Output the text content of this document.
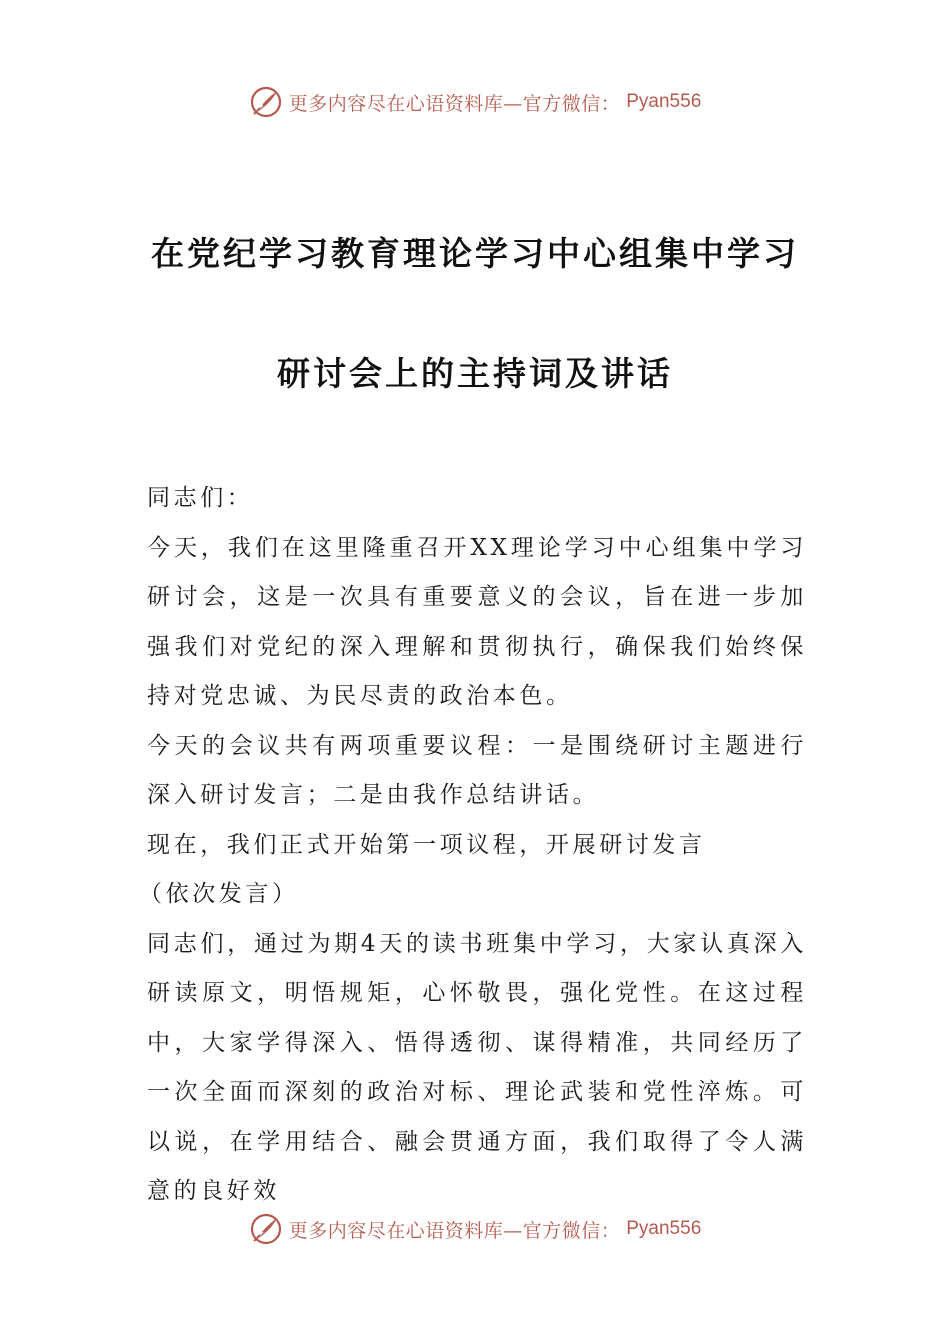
更多内容尽在心语资料库—官方微信： Pyan556
在党纪学习教育理论学习中心组集中学习
研讨会上的主持词及讲话

同志们：

今天，我们在这里隆重召开XX理论学习中心组集中学习研讨会，这是一次具有重要意义的会议，旨在进一步加强我们对党纪的深入理解和贯彻执行，确保我们始终保持对党忠诚、为民尽责的政治本色。

今天的会议共有两项重要议程：一是围绕研讨主题进行深入研讨发言；二是由我作总结讲话。

现在，我们正式开始第一项议程，开展研讨发言

（依次发言）

同志们，通过为期4天的读书班集中学习，大家认真深入研读原文，明悟规矩，心怀敬畏，强化党性。在这过程中，大家学得深入、悟得透彻、谋得精准，共同经历了一次全面而深刻的政治对标、理论武装和党性淬炼。可以说，在学用结合、融会贯通方面，我们取得了令人满意的良好效

更多内容尽在心语资料库—官方微信： Pyan556
